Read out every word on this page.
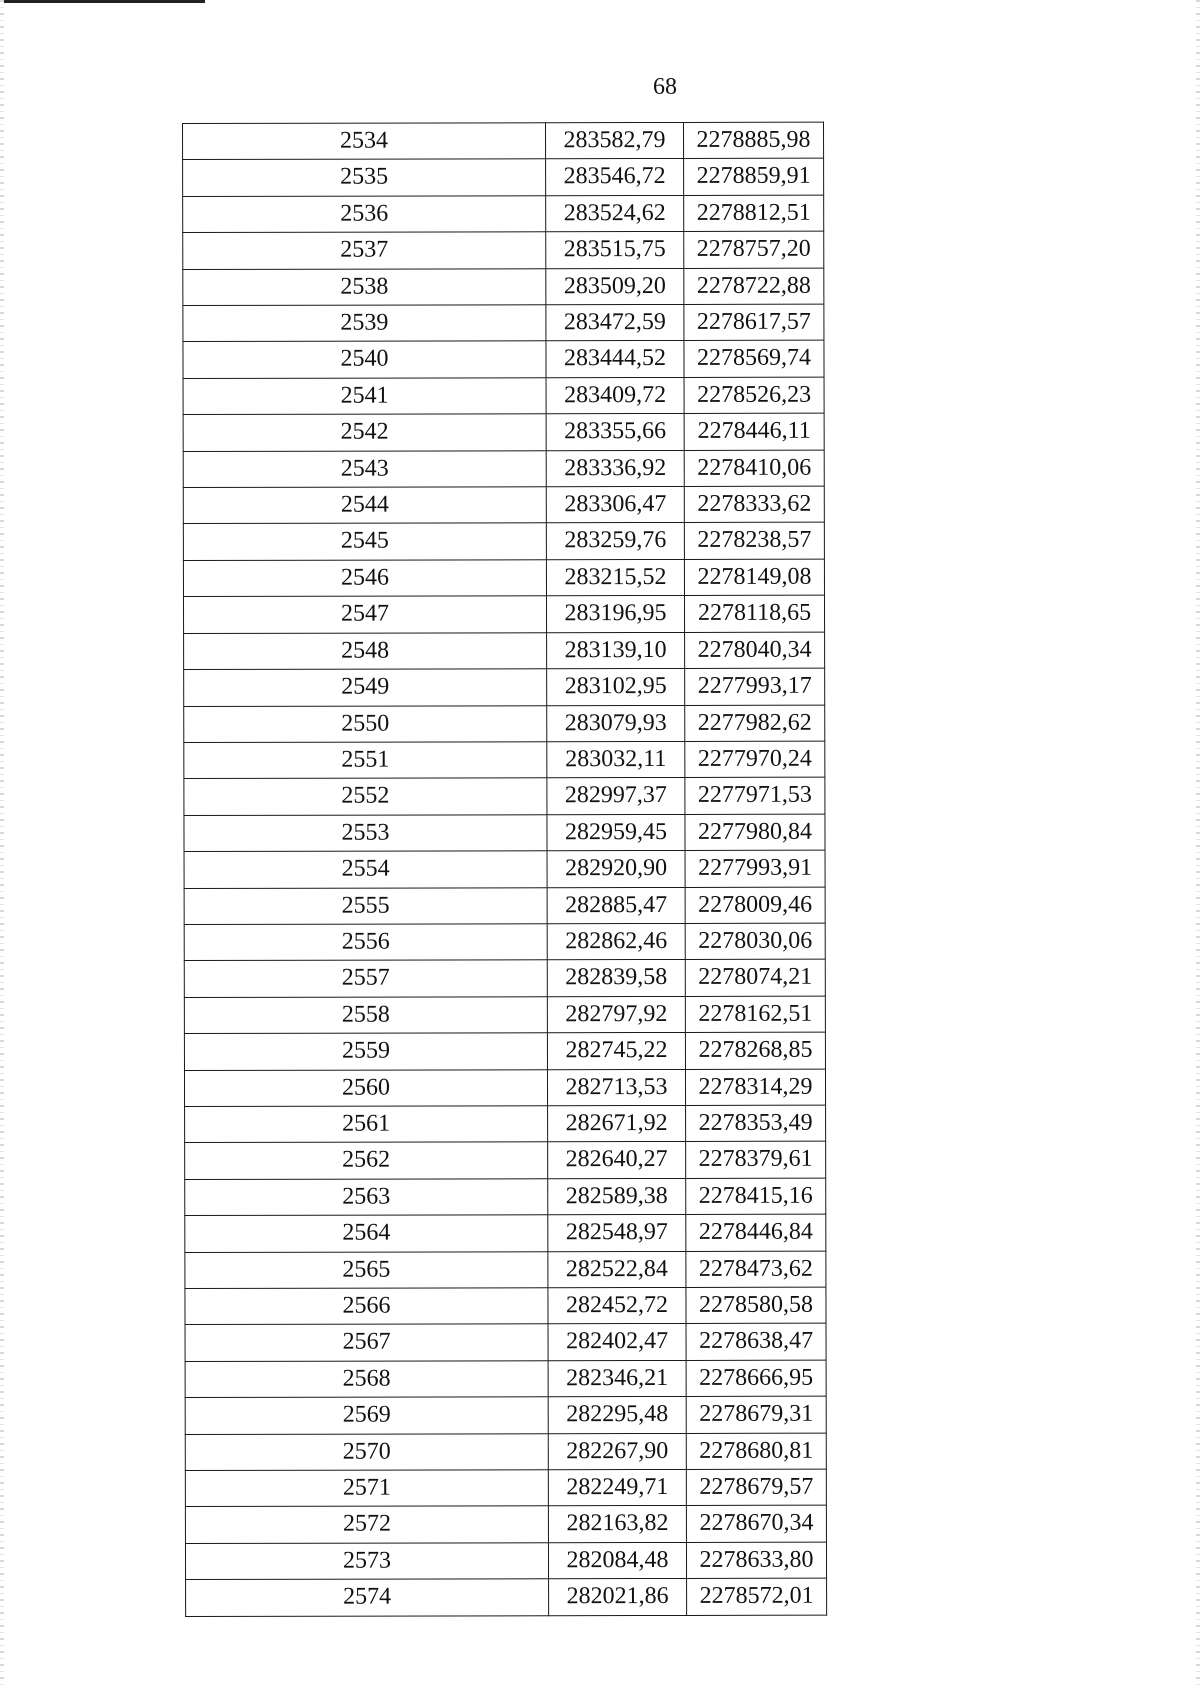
68
2534	283582,79	2278885,98
2535	283546,72	2278859,91
2536	283524,62	2278812,51
2537	283515,75	2278757,20
2538	283509,20	2278722,88
2539	283472,59	2278617,57
2540	283444,52	2278569,74
2541	283409,72	2278526,23
2542	283355,66	2278446,11
2543	283336,92	2278410,06
2544	283306,47	2278333,62
2545	283259,76	2278238,57
2546	283215,52	2278149,08
2547	283196,95	2278118,65
2548	283139,10	2278040,34
2549	283102,95	2277993,17
2550	283079,93	2277982,62
2551	283032,11	2277970,24
2552	282997,37	2277971,53
2553	282959,45	2277980,84
2554	282920,90	2277993,91
2555	282885,47	2278009,46
2556	282862,46	2278030,06
2557	282839,58	2278074,21
2558	282797,92	2278162,51
2559	282745,22	2278268,85
2560	282713,53	2278314,29
2561	282671,92	2278353,49
2562	282640,27	2278379,61
2563	282589,38	2278415,16
2564	282548,97	2278446,84
2565	282522,84	2278473,62
2566	282452,72	2278580,58
2567	282402,47	2278638,47
2568	282346,21	2278666,95
2569	282295,48	2278679,31
2570	282267,90	2278680,81
2571	282249,71	2278679,57
2572	282163,82	2278670,34
2573	282084,48	2278633,80
2574	282021,86	2278572,01
